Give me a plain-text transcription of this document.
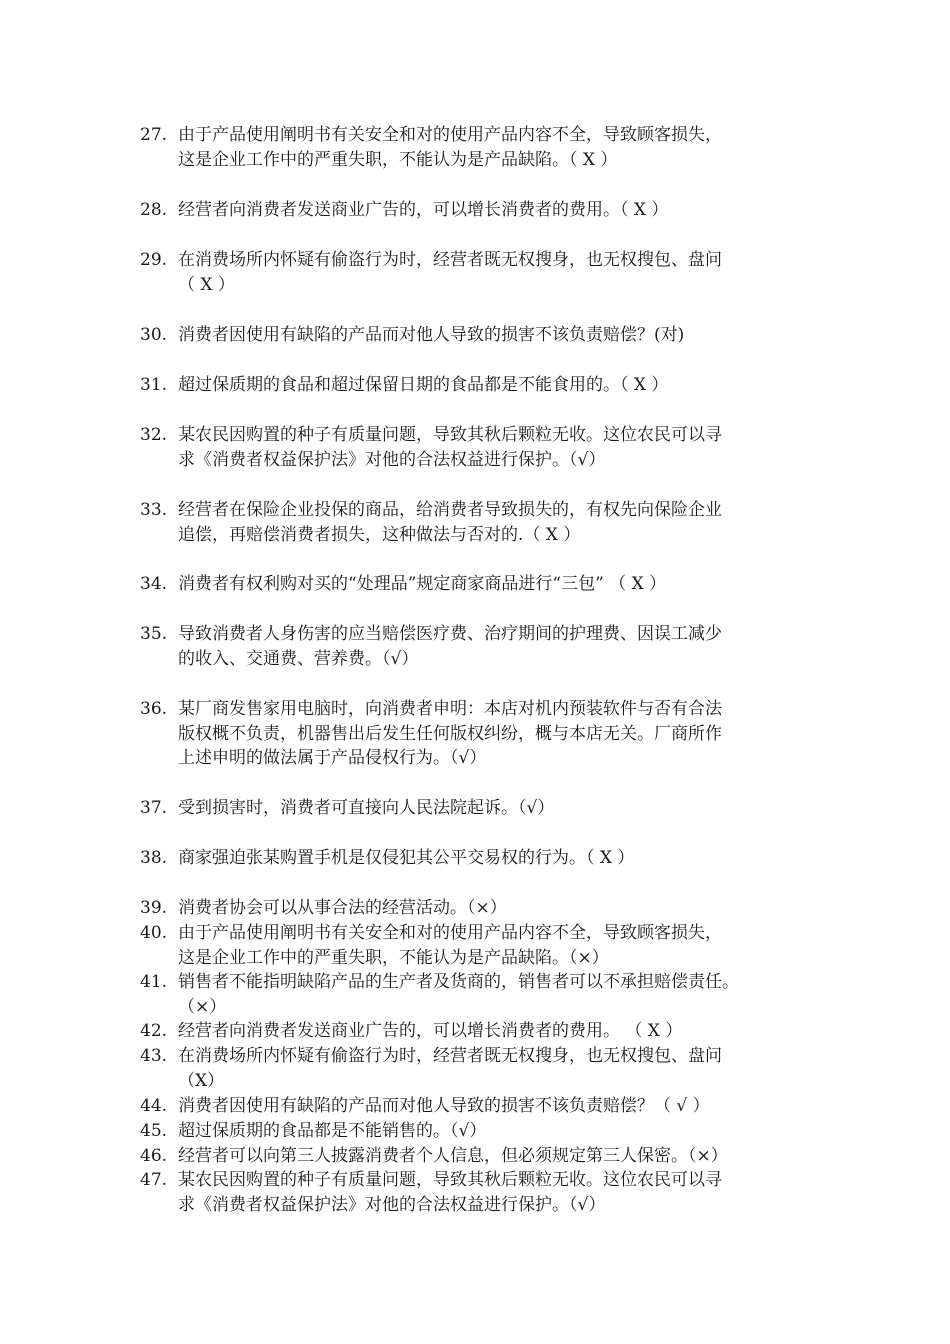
27. 由于产品使用阐明书有关安全和对的使用产品内容不全，导致顾客损失，
这是企业工作中的严重失职，不能认为是产品缺陷。（ X ）
28. 经营者向消费者发送商业广告的，可以增长消费者的费用。（ X ）
29. 在消费场所内怀疑有偷盗行为时，经营者既无权搜身，也无权搜包、盘问
（ X ）
30. 消费者因使用有缺陷的产品而对他人导致的损害不该负责赔偿？(对)
31. 超过保质期的食品和超过保留日期的食品都是不能食用的。（ X ）
32. 某农民因购置的种子有质量问题，导致其秋后颗粒无收。这位农民可以寻
求《消费者权益保护法》对他的合法权益进行保护。（√）
33. 经营者在保险企业投保的商品，给消费者导致损失的，有权先向保险企业
追偿，再赔偿消费者损失，这种做法与否对的.（ X ）
34. 消费者有权利购对买的“处理品”规定商家商品进行“三包” （ X ）
35. 导致消费者人身伤害的应当赔偿医疗费、治疗期间的护理费、因误工减少
的收入、交通费、营养费。（√）
36. 某厂商发售家用电脑时，向消费者申明：本店对机内预装软件与否有合法
版权概不负责，机器售出后发生任何版权纠纷，概与本店无关。厂商所作
上述申明的做法属于产品侵权行为。（√）
37. 受到损害时，消费者可直接向人民法院起诉。（√）
38. 商家强迫张某购置手机是仅侵犯其公平交易权的行为。（ X ）
39. 消费者协会可以从事合法的经营活动。（×）
40. 由于产品使用阐明书有关安全和对的使用产品内容不全，导致顾客损失，
这是企业工作中的严重失职，不能认为是产品缺陷。（×）
41. 销售者不能指明缺陷产品的生产者及货商的，销售者可以不承担赔偿责任。
（×）
42. 经营者向消费者发送商业广告的，可以增长消费者的费用。 （ X ）
43. 在消费场所内怀疑有偷盗行为时，经营者既无权搜身，也无权搜包、盘问
（X）
44. 消费者因使用有缺陷的产品而对他人导致的损害不该负责赔偿？（ √ ）
45. 超过保质期的食品都是不能销售的。（√）
46. 经营者可以向第三人披露消费者个人信息，但必须规定第三人保密。（×）
47. 某农民因购置的种子有质量问题，导致其秋后颗粒无收。这位农民可以寻
求《消费者权益保护法》对他的合法权益进行保护。（√）
